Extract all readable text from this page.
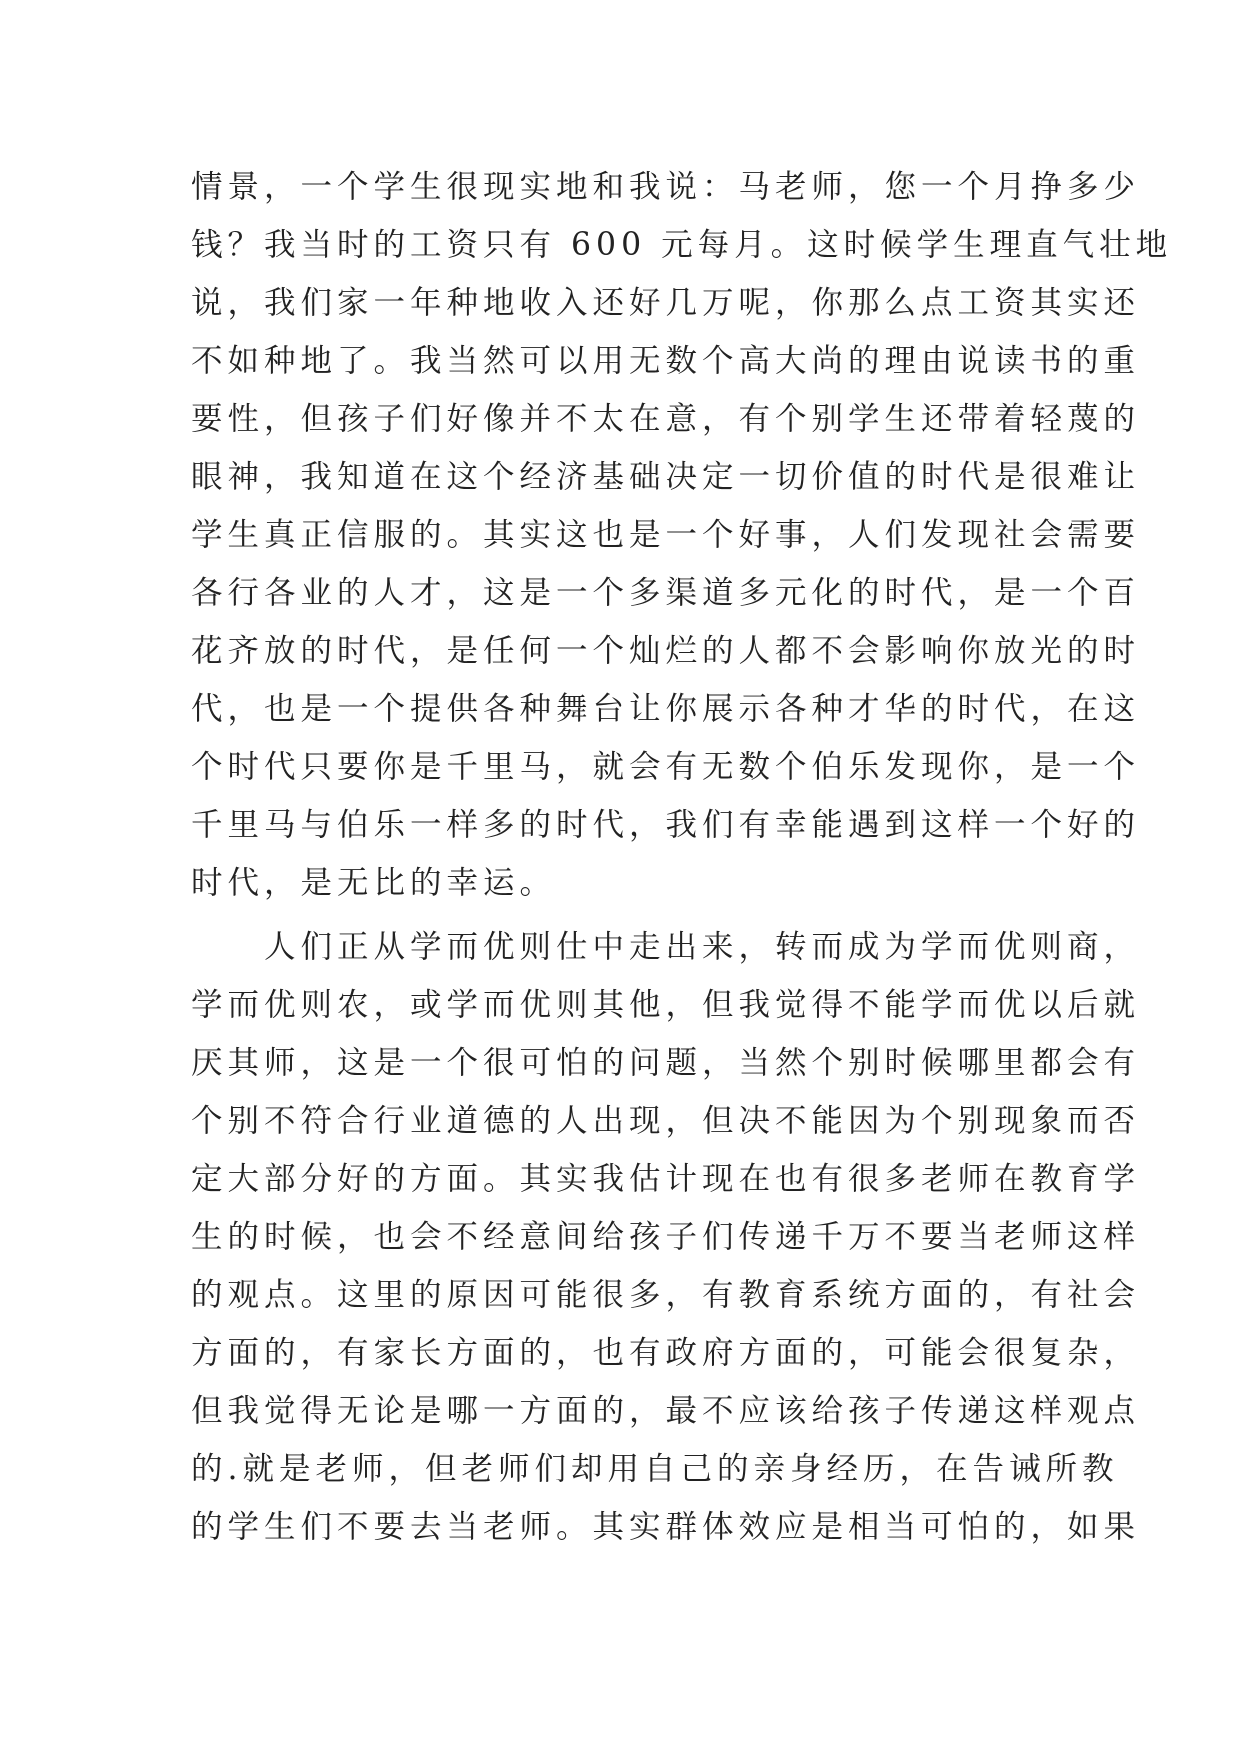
情景，一个学生很现实地和我说：马老师，您一个月挣多少
钱？我当时的工资只有 600 元每月。这时候学生理直气壮地
说，我们家一年种地收入还好几万呢，你那么点工资其实还
不如种地了。我当然可以用无数个高大尚的理由说读书的重
要性，但孩子们好像并不太在意，有个别学生还带着轻蔑的
眼神，我知道在这个经济基础决定一切价值的时代是很难让
学生真正信服的。其实这也是一个好事，人们发现社会需要
各行各业的人才，这是一个多渠道多元化的时代，是一个百
花齐放的时代，是任何一个灿烂的人都不会影响你放光的时
代，也是一个提供各种舞台让你展示各种才华的时代，在这
个时代只要你是千里马，就会有无数个伯乐发现你，是一个
千里马与伯乐一样多的时代，我们有幸能遇到这样一个好的
时代，是无比的幸运。
　　人们正从学而优则仕中走出来，转而成为学而优则商，
学而优则农，或学而优则其他，但我觉得不能学而优以后就
厌其师，这是一个很可怕的问题，当然个别时候哪里都会有
个别不符合行业道德的人出现，但决不能因为个别现象而否
定大部分好的方面。其实我估计现在也有很多老师在教育学
生的时候，也会不经意间给孩子们传递千万不要当老师这样
的观点。这里的原因可能很多，有教育系统方面的，有社会
方面的，有家长方面的，也有政府方面的，可能会很复杂，
但我觉得无论是哪一方面的，最不应该给孩子传递这样观点
的.就是老师，但老师们却用自己的亲身经历，在告诫所教
的学生们不要去当老师。其实群体效应是相当可怕的，如果
